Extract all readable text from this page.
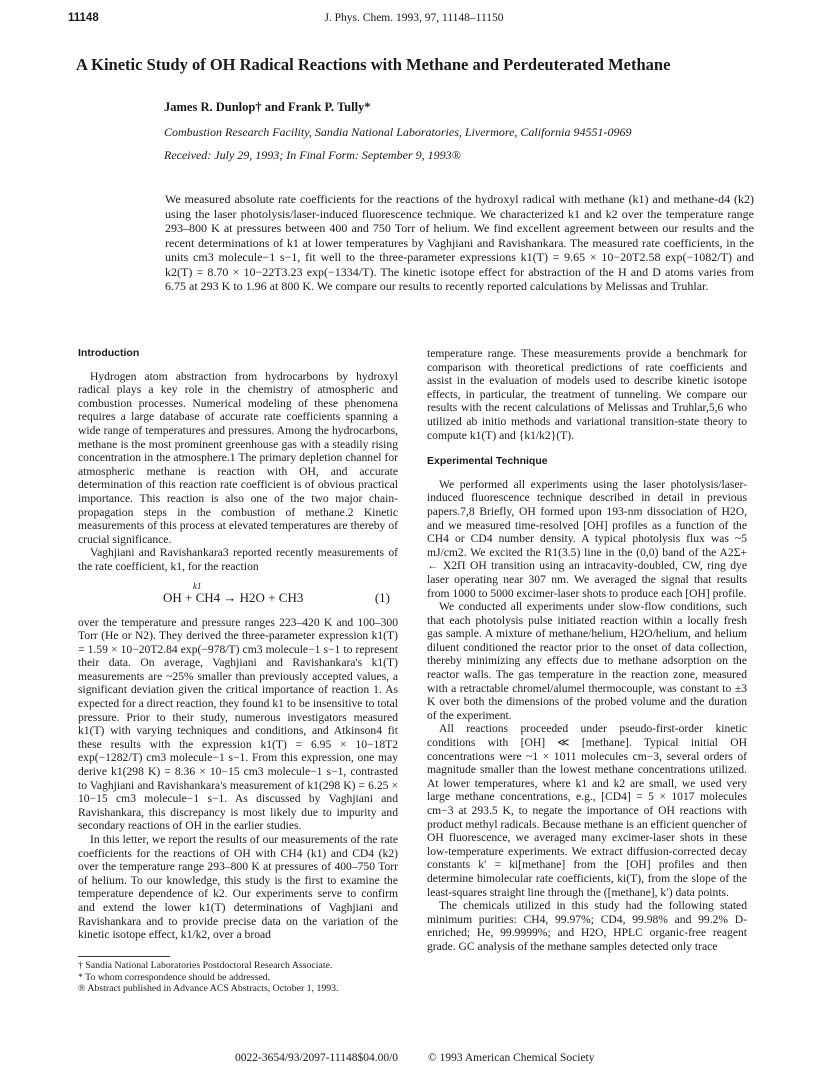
11148	J. Phys. Chem. 1993, 97, 11148–11150
A Kinetic Study of OH Radical Reactions with Methane and Perdeuterated Methane
James R. Dunlop† and Frank P. Tully*
Combustion Research Facility, Sandia National Laboratories, Livermore, California 94551-0969
Received: July 29, 1993; In Final Form: September 9, 1993®

We measured absolute rate coefficients for the reactions of the hydroxyl radical with methane (k1) and methane-d4 (k2) using the laser photolysis/laser-induced fluorescence technique. We characterized k1 and k2 over the temperature range 293–800 K at pressures between 400 and 750 Torr of helium. We find excellent agreement between our results and the recent determinations of k1 at lower temperatures by Vaghjiani and Ravishankara. The measured rate coefficients, in the units cm3 molecule−1 s−1, fit well to the three-parameter expressions k1(T) = 9.65 × 10−20T2.58 exp(−1082/T) and k2(T) = 8.70 × 10−22T3.23 exp(−1334/T). The kinetic isotope effect for abstraction of the H and D atoms varies from 6.75 at 293 K to 1.96 at 800 K. We compare our results to recently reported calculations by Melissas and Truhlar.

Introduction

Hydrogen atom abstraction from hydrocarbons by hydroxyl radical plays a key role in the chemistry of atmospheric and combustion processes. Numerical modeling of these phenomena requires a large database of accurate rate coefficients spanning a wide range of temperatures and pressures. Among the hydrocarbons, methane is the most prominent greenhouse gas with a steadily rising concentration in the atmosphere.1 The primary depletion channel for atmospheric methane is reaction with OH, and accurate determination of this reaction rate coefficient is of obvious practical importance. This reaction is also one of the two major chain-propagation steps in the combustion of methane.2 Kinetic measurements of this process at elevated temperatures are thereby of crucial significance.

Vaghjiani and Ravishankara3 reported recently measurements of the rate coefficient, k1, for the reaction

k1
OH + CH4 → H2O + CH3	(1)

over the temperature and pressure ranges 223–420 K and 100–300 Torr (He or N2). They derived the three-parameter expression k1(T) = 1.59 × 10−20T2.84 exp(−978/T) cm3 molecule−1 s−1 to represent their data. On average, Vaghjiani and Ravishankara's k1(T) measurements are ~25% smaller than previously accepted values, a significant deviation given the critical importance of reaction 1. As expected for a direct reaction, they found k1 to be insensitive to total pressure. Prior to their study, numerous investigators measured k1(T) with varying techniques and conditions, and Atkinson4 fit these results with the expression k1(T) = 6.95 × 10−18T2 exp(−1282/T) cm3 molecule−1 s−1. From this expression, one may derive k1(298 K) = 8.36 × 10−15 cm3 molecule−1 s−1, contrasted to Vaghjiani and Ravishankara's measurement of k1(298 K) = 6.25 × 10−15 cm3 molecule−1 s−1. As discussed by Vaghjiani and Ravishankara, this discrepancy is most likely due to impurity and secondary reactions of OH in the earlier studies.

In this letter, we report the results of our measurements of the rate coefficients for the reactions of OH with CH4 (k1) and CD4 (k2) over the temperature range 293–800 K at pressures of 400–750 Torr of helium. To our knowledge, this study is the first to examine the temperature dependence of k2. Our experiments serve to confirm and extend the lower k1(T) determinations of Vaghjiani and Ravishankara and to provide precise data on the variation of the kinetic isotope effect, k1/k2, over a broad

† Sandia National Laboratories Postdoctoral Research Associate.

* To whom correspondence should be addressed.

® Abstract published in Advance ACS Abstracts, October 1, 1993.

temperature range. These measurements provide a benchmark for comparison with theoretical predictions of rate coefficients and assist in the evaluation of models used to describe kinetic isotope effects, in particular, the treatment of tunneling. We compare our results with the recent calculations of Melissas and Truhlar,5,6 who utilized ab initio methods and variational transition-state theory to compute k1(T) and {k1/k2}(T).

Experimental Technique

We performed all experiments using the laser photolysis/laser-induced fluorescence technique described in detail in previous papers.7,8 Briefly, OH formed upon 193-nm dissociation of H2O, and we measured time-resolved [OH] profiles as a function of the CH4 or CD4 number density. A typical photolysis flux was ~5 mJ/cm2. We excited the R1(3.5) line in the (0,0) band of the A2Σ+ ← X2Π OH transition using an intracavity-doubled, CW, ring dye laser operating near 307 nm. We averaged the signal that results from 1000 to 5000 excimer-laser shots to produce each [OH] profile.

We conducted all experiments under slow-flow conditions, such that each photolysis pulse initiated reaction within a locally fresh gas sample. A mixture of methane/helium, H2O/helium, and helium diluent conditioned the reactor prior to the onset of data collection, thereby minimizing any effects due to methane adsorption on the reactor walls. The gas temperature in the reaction zone, measured with a retractable chromel/alumel thermocouple, was constant to ±3 K over both the dimensions of the probed volume and the duration of the experiment.

All reactions proceeded under pseudo-first-order kinetic conditions with [OH] ≪ [methane]. Typical initial OH concentrations were ~1 × 1011 molecules cm−3, several orders of magnitude smaller than the lowest methane concentrations utilized. At lower temperatures, where k1 and k2 are small, we used very large methane concentrations, e.g., [CD4] = 5 × 1017 molecules cm−3 at 293.5 K, to negate the importance of OH reactions with product methyl radicals. Because methane is an efficient quencher of OH fluorescence, we averaged many excimer-laser shots in these low-temperature experiments. We extract diffusion-corrected decay constants k′ = ki[methane] from the [OH] profiles and then determine bimolecular rate coefficients, ki(T), from the slope of the least-squares straight line through the ([methane], k′) data points.

The chemicals utilized in this study had the following stated minimum purities: CH4, 99.97%; CD4, 99.98% and 99.2% D-enriched; He, 99.9999%; and H2O, HPLC organic-free reagent grade. GC analysis of the methane samples detected only trace

0022-3654/93/2097-11148$04.00/0	© 1993 American Chemical Society
